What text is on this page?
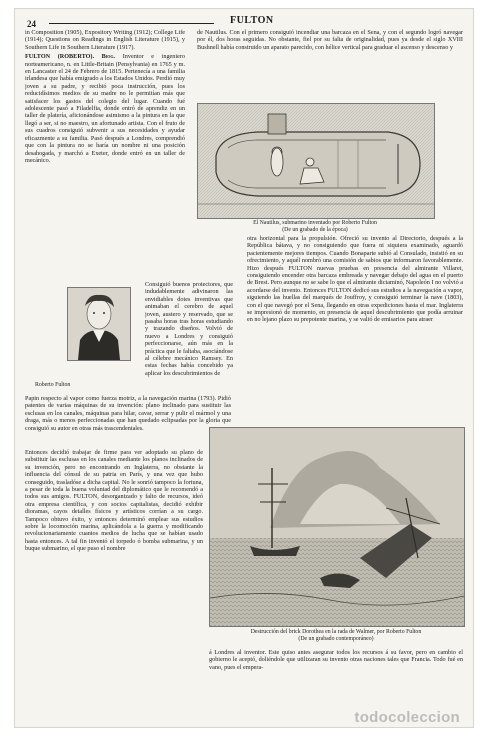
24	FULTON

in Composition (1905), Expository Writing (1912); College Life (1914); Questions on Readings in English Literature (1915), y Southern Life in Southern Literature (1917).

FULTON (ROBERTO). Biog. Inventor e ingeniero norteamericano, n. en Little-Britain (Pensylvania) en 1765 y m. en Lancaster el 24 de Febrero de 1815. Pertenecía a una familia irlandesa que había emigrado a los Estados Unidos. Perdió muy joven a su padre, y recibió poca instrucción, pues los reducidísimos medios de su madre no le permitían más que satisfacer los gastos del colegio del lugar. Cuando fué adolescente pasó a Filadelfia, donde entró de aprendiz en un taller de platería, aficionándose asimismo a la pintura en la que llegó a ser, si no maestro, un afortunado artista. Con el fruto de sus cuadros consiguió subvenir a sus necesidades y ayudar eficazmente a su familia. Pasó después a Londres, comprendió que con la pintura no se haría un nombre ni una posición desahogada, y marchó a Exeter, donde entró en un taller de mecánico.

El Nautilus, submarino inventado por Roberto Fulton
(De un grabado de la época)

de Nautilus. Con el primero consiguió incendiar una barcaza en el Sena, y con el segundo logró navegar por él, dos horas seguidas. No obstante, fiel por su falta de originalidad, pues ya desde el siglo XVIII Bushnell había construido un aparato parecido, con hélice vertical para graduar el ascenso y descenso y

Roberto Fulton

Consiguió buenos protectores, que indudablemente adivinaron las envidiables dotes inventivas que animaban el cerebro de aquel joven, austero y reservado, que se pasaba horas tras horas estudiando y trazando diseños. Volvió de nuevo a Londres y consiguió perfeccionarse, aún más en la práctica que le faltaba, asociándose al célebre mecánico Ramsey. En estas fechas había concebido ya aplicar los descubrimientos de

otra horizontal para la propulsión. Ofreció su invento al Directorio, después a la República bátava, y no consiguiendo que fuera ni siquiera examinado, aguardó pacientemente mejores tiempos. Cuando Bonaparte subió al Consulado, insistió en su ofrecimiento, y aquél nombró una comisión de sabios que informaron favorablemente. Hizo después FULTON nuevas pruebas en presencia del almirante Villaret, consiguiendo encender otra barcaza embreada y navegar debajo del agua en el puerto de Brest. Pero aunque no se sabe lo que el almirante dictaminó, Napoleón I no volvió a acordarse del invento. Entonces FULTON dedicó sus estudios a la navegación a vapor, siguiendo las huellas del marqués de Jouffroy, y consiguió terminar la nave (1803), con el que navegó por el Sena, llegando en otras expediciones hasta el mar. Inglaterra se impresionó de momento, en presencia de aquel descubrimiento que podía arruinar en no lejano plazo su prepotente marina, y se valió de emisarios para atraer

Papin respecto al vapor como fuerza motriz, a la navegación marina (1793). Pidió patentes de varias máquinas de su invención: plano inclinado para sustituir las esclusas en los canales, máquinas para hilar, cavar, serrar y pulir el mármol y una draga, más o menos perfeccionadas que han quedado eclipsadas por la gloria que consiguió su autor en otras más trascendentales.

Entonces decidió trabajar de firme para ver adoptado su plano de substituir las esclusas en los canales mediante los planos inclinados de su invención, pero no encontrando en Inglaterra, no obstante la influencia del cónsul de su patria en París, y una vez que hubo conseguido, trasladóse a dicha capital. No le sonrió tampoco la fortuna, a pesar de toda la buena voluntad del diplomático que le recomendó a todos sus amigos. FULTON, desorganizado y falto de recursos, ideó otra empresa científica, y con socios capitalistas, decidió exhibir dioramas, cayos detalles físicos y artísticos corrían a su cargo. Tampoco obtuvo éxito, y entonces determinó emplear sus estudios sobre la locomoción marina, aplicándola a la guerra y modificando revolucionariamente cuantos medios de lucha que se habían usado hasta entonces. A tal fin inventó el torpedo ó bomba submarina, y un buque submarino, el que puso el nombre

Destrucción del brick Dorothea en la rada de Walmer, por Roberto Fulton
(De un grabado contemporáneo)

á Londres al inventor. Este quiso antes asegurar todos los recursos á su favor, pero en cambio el gobierno le aceptó, doliéndole que utilizaran su invento otras naciones tales que Francia. Todo fué en vano, pues el empera-

todocoleccion
